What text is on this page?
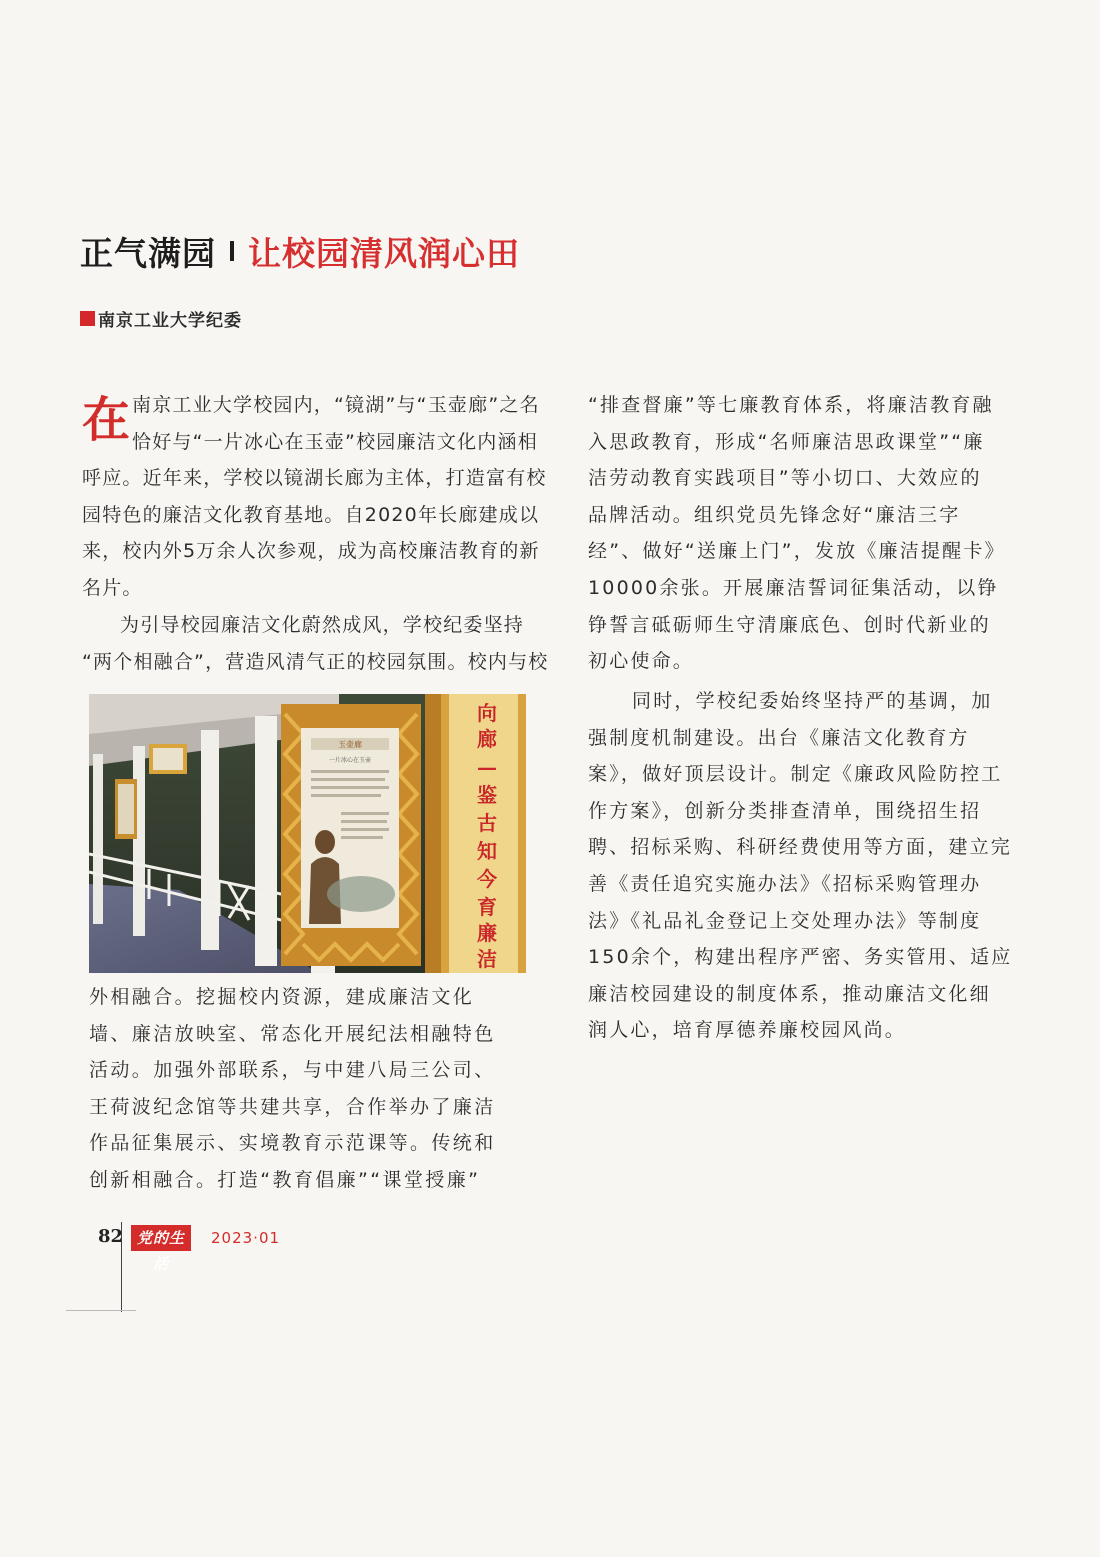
正气满园 让校园清风润心田
南京工业大学纪委
在 南京工业大学校园内，“镜湖”与“玉壶廊”之名
恰好与“一片冰心在玉壶”校园廉洁文化内涵相
呼应。近年来，学校以镜湖长廊为主体，打造富有校
园特色的廉洁文化教育基地。自2020年长廊建成以
来，校内外5万余人次参观，成为高校廉洁教育的新
名片。
为引导校园廉洁文化蔚然成风，学校纪委坚持
“两个相融合”，营造风清气正的校园氛围。校内与校
玉壶廊
一片冰心在玉壶
向
廊
—
鉴
古
知
今
育
廉
洁
外相融合。挖掘校内资源，建成廉洁文化
墙、廉洁放映室、常态化开展纪法相融特色
活动。加强外部联系，与中建八局三公司、
王荷波纪念馆等共建共享，合作举办了廉洁
作品征集展示、实境教育示范课等。传统和
创新相融合。打造“教育倡廉”“课堂授廉”
“排查督廉”等七廉教育体系，将廉洁教育融
入思政教育，形成“名师廉洁思政课堂”“廉
洁劳动教育实践项目”等小切口、大效应的
品牌活动。组织党员先锋念好“廉洁三字
经”、做好“送廉上门”，发放《廉洁提醒卡》
10000余张。开展廉洁誓词征集活动，以铮
铮誓言砥砺师生守清廉底色、创时代新业的
初心使命。
同时，学校纪委始终坚持严的基调，加
强制度机制建设。出台《廉洁文化教育方
案》，做好顶层设计。制定《廉政风险防控工
作方案》，创新分类排查清单，围绕招生招
聘、招标采购、科研经费使用等方面，建立完
善《责任追究实施办法》《招标采购管理办
法》《礼品礼金登记上交处理办法》等制度
150余个，构建出程序严密、务实管用、适应
廉洁校园建设的制度体系，推动廉洁文化细
润人心，培育厚德养廉校园风尚。
82 党的生活
2023·01
